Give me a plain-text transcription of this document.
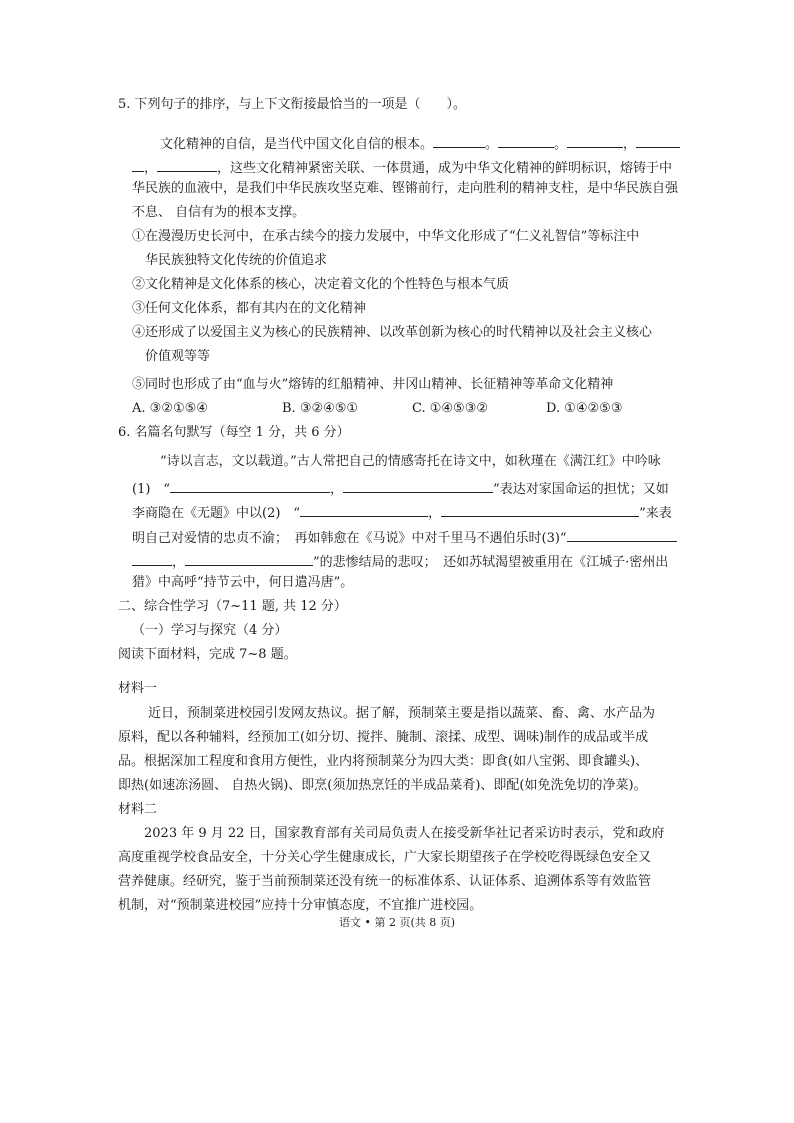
5. 下列句子的排序，与上下文衔接最恰当的一项是（　　）。
文化精神的自信，是当代中国文化自信的根本。	。	。	，
，	，这些文化精神紧密关联、一体贯通，成为中华文化精神的鲜明标识，熔铸于中
华民族的血液中，是我们中华民族攻坚克难、铿锵前行，走向胜利的精神支柱，是中华民族自强
不息、 自信有为的根本支撑。
①在漫漫历史长河中，在承古续今的接力发展中，中华文化形成了“仁义礼智信”等标注中
华民族独特文化传统的价值追求
②文化精神是文化体系的核心，决定着文化的个性特色与根本气质
③任何文化体系，都有其内在的文化精神
④还形成了以爱国主义为核心的民族精神、以改革创新为核心的时代精神以及社会主义核心
价值观等等
⑤同时也形成了由“血与火”熔铸的红船精神、井冈山精神、长征精神等革命文化精神
A. ③②①⑤④	B. ③②④⑤①	C. ①④⑤③②	D. ①④②⑤③
6. 名篇名句默写（每空 1 分，共 6 分）
“诗以言志，文以载道。”古人常把自己的情感寄托在诗文中，如秋瑾在《满江红》中吟咏
(1)　“	，	”表达对家国命运的担忧；又如
李商隐在《无题》中以(2)　“	，	”来表
明自己对爱情的忠贞不渝；　再如韩愈在《马说》中对千里马不遇伯乐时(3)“
，	”的悲惨结局的悲叹；　还如苏轼渴望被重用在《江城子·密州出
猎》中高呼“持节云中，何日遣冯唐”。
二、综合性学习（7~11 题, 共 12 分）
（一）学习与探究（4 分）
阅读下面材料，完成 7~8 题。
材料一
近日，预制菜进校园引发网友热议。据了解，预制菜主要是指以蔬菜、畜、禽、水产品为
原料，配以各种辅料，经预加工(如分切、搅拌、腌制、滚揉、成型、调味)制作的成品或半成
品。根据深加工程度和食用方便性，业内将预制菜分为四大类：即食(如八宝粥、即食罐头)、
即热(如速冻汤圆、 自热火锅)、即烹(须加热烹饪的半成品菜肴)、即配(如免洗免切的净菜)。
材料二
2023 年 9 月 22 日，国家教育部有关司局负责人在接受新华社记者采访时表示，党和政府
高度重视学校食品安全，十分关心学生健康成长，广大家长期望孩子在学校吃得既绿色安全又
营养健康。经研究，鉴于当前预制菜还没有统一的标准体系、认证体系、追溯体系等有效监管
机制，对“预制菜进校园”应持十分审慎态度，不宜推广进校园。
语文 • 第 2 页(共 8 页)
